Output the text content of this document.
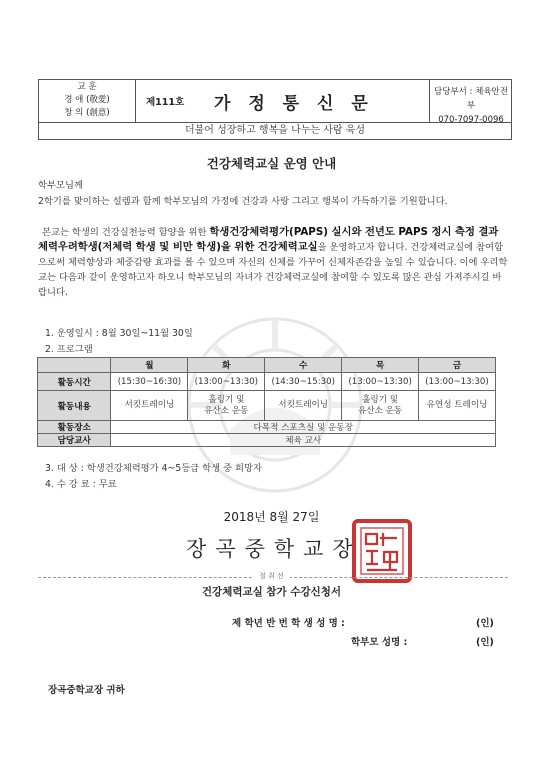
교 훈
경 애 (敬愛)
창 의 (創意)
제111호 가 정 통 신 문
담당부서 : 체육안전부
070-7097-0096
더불어 성장하고 행복을 나누는 사람 육성
건강체력교실 운영 안내
학부모님께
2학기를 맞이하는 설렘과 함께 학부모님의 가정에 건강과 사랑 그리고 행복이 가득하기를 기원합니다.
본교는 학생의 건강실천능력 함양을 위한 학생건강체력평가(PAPS) 실시와 전년도 PAPS 정시 측정 결과 체력우려학생(저체력 학생 및 비만 학생)을 위한 건강체력교실을 운영하고자 합니다. 건강체력교실에 참여함으로써 체력향상과 체중감량 효과를 볼 수 있으며 자신의 신체를 가꾸어 신체자존감을 높일 수 있습니다. 이에 우리학교는 다음과 같이 운영하고자 하오니 학부모님의 자녀가 건강체력교실에 참여할 수 있도록 많은 관심 가져주시길 바랍니다.
1. 운영일시 : 8월 30일~11월 30일
2. 프로그램
	월	화	수	목	금
활동시간	(15:30~16:30)	(13:00~13:30)	(14:30~15:30)	(13:00~13:30)	(13:00~13:30)
활동내용	서킷트레이닝	훌링기 및
유산소 운동	서킷트레이닝	훌링기 및
유산소 운동	유연성 트레이닝
활동장소	다목적 스포츠실 및 운동장				
담당교사	체육 교사				
3. 대 상 : 학생건강체력평가 4~5등급 학생 중 희망자
4. 수 강 료 : 무료
2018년 8월 27일
장곡중학교장
절 취 선
건강체력교실 참가 수강신청서
제 학년 반 번 학 생 성 명 :	(인)
학부모 성명 :	(인)
장곡중학교장 귀하
